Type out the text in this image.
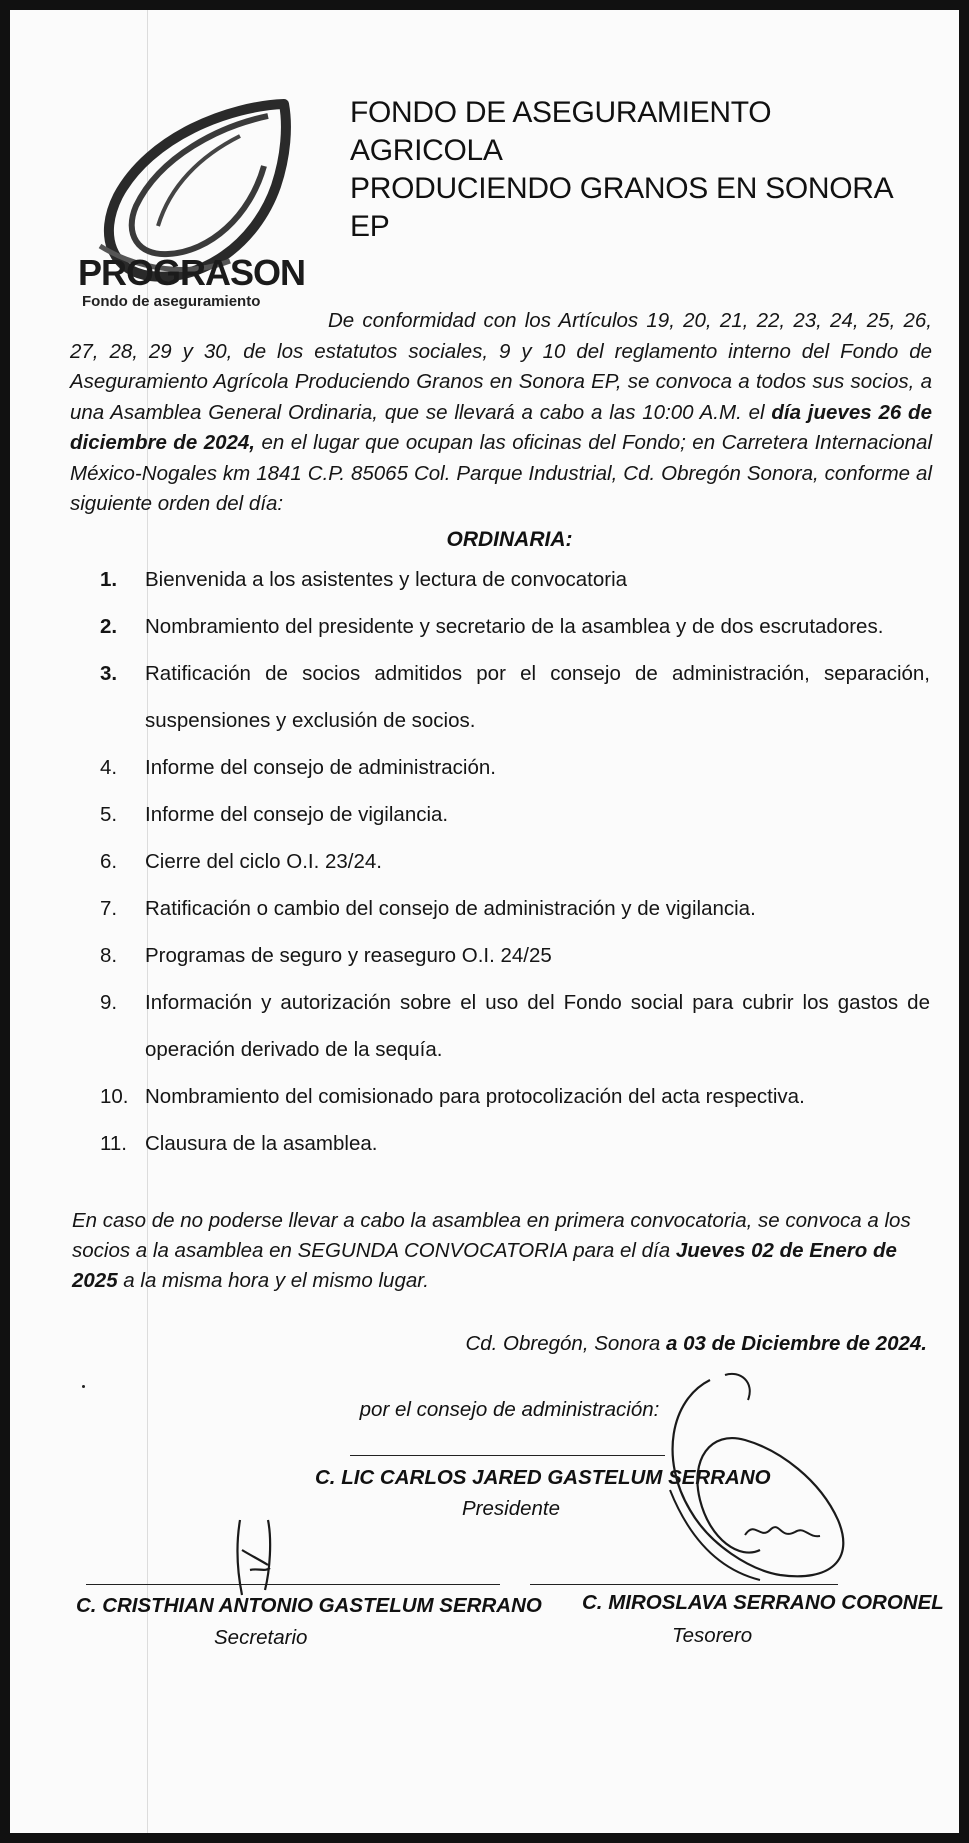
PROGRASON
Fondo de aseguramiento
FONDO DE ASEGURAMIENTO AGRICOLA
PRODUCIENDO GRANOS EN SONORA EP
De conformidad con los Artículos 19, 20, 21, 22, 23, 24, 25, 26, 27, 28, 29 y 30, de los estatutos sociales, 9 y 10 del reglamento interno del Fondo de Aseguramiento Agrícola Produciendo Granos en Sonora EP, se convoca a todos sus socios, a una Asamblea General Ordinaria, que se llevará a cabo a las 10:00 A.M. el día jueves 26 de diciembre de 2024, en el lugar que ocupan las oficinas del Fondo; en Carretera Internacional México-Nogales km 1841 C.P. 85065 Col. Parque Industrial, Cd. Obregón Sonora, conforme al siguiente orden del día:
ORDINARIA:
1. Bienvenida a los asistentes y lectura de convocatoria
2. Nombramiento del presidente y secretario de la asamblea y de dos escrutadores.
3. Ratificación de socios admitidos por el consejo de administración, separación, suspensiones y exclusión de socios.
4. Informe del consejo de administración.
5. Informe del consejo de vigilancia.
6. Cierre del ciclo O.I. 23/24.
7. Ratificación o cambio del consejo de administración y de vigilancia.
8. Programas de seguro y reaseguro O.I. 24/25
9. Información y autorización sobre el uso del Fondo social para cubrir los gastos de operación derivado de la sequía.
10. Nombramiento del comisionado para protocolización del acta respectiva.
11. Clausura de la asamblea.
En caso de no poderse llevar a cabo la asamblea en primera convocatoria, se convoca a los socios a la asamblea en SEGUNDA CONVOCATORIA para el día Jueves 02 de Enero de 2025 a la misma hora y el mismo lugar.
Cd. Obregón, Sonora a 03 de Diciembre de 2024.
por el consejo de administración:
C. LIC CARLOS JARED GASTELUM SERRANO
Presidente
C. CRISTHIAN ANTONIO GASTELUM SERRANO
Secretario
C. MIROSLAVA SERRANO CORONEL
Tesorero
